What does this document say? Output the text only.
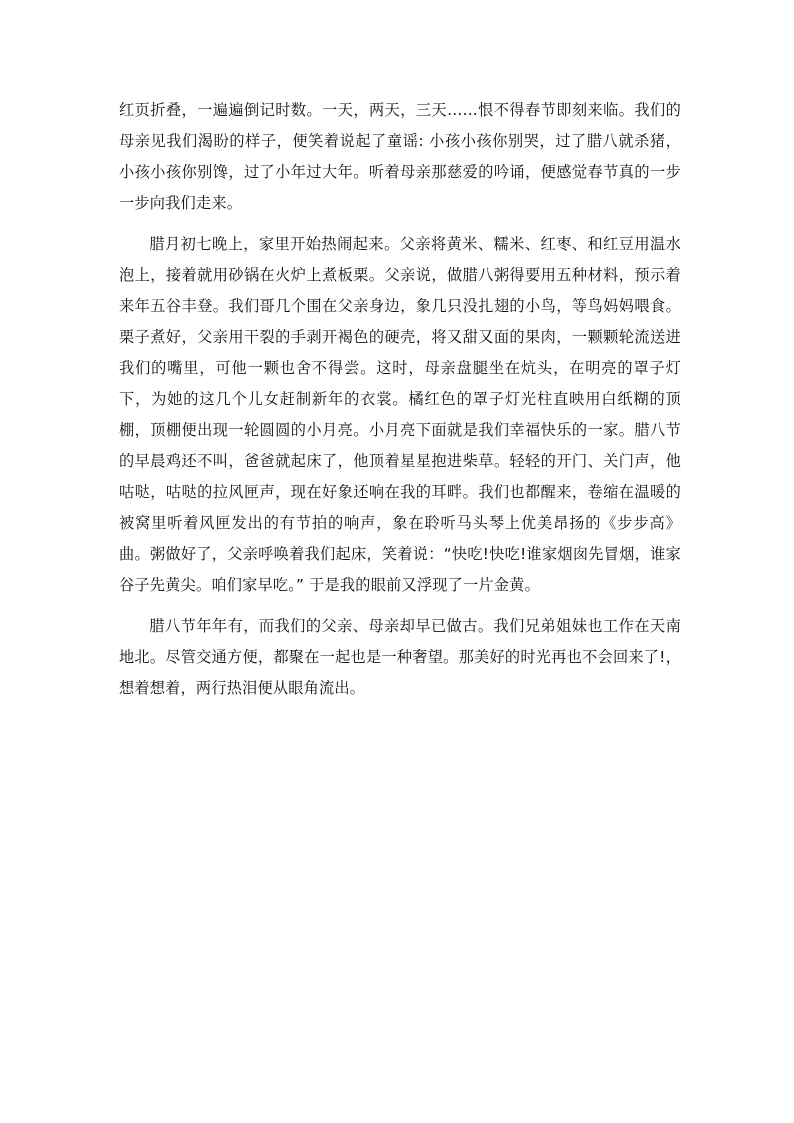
红页折叠，一遍遍倒记时数。一天，两天，三天……恨不得春节即刻来临。我们的母亲见我们渴盼的样子，便笑着说起了童谣: 小孩小孩你别哭，过了腊八就杀猪，小孩小孩你别馋，过了小年过大年。听着母亲那慈爱的吟诵，便感觉春节真的一步一步向我们走来。

腊月初七晚上，家里开始热闹起来。父亲将黄米、糯米、红枣、和红豆用温水泡上，接着就用砂锅在火炉上煮板栗。父亲说，做腊八粥得要用五种材料，预示着来年五谷丰登。我们哥几个围在父亲身边，象几只没扎翅的小鸟，等鸟妈妈喂食。栗子煮好，父亲用干裂的手剥开褐色的硬壳，将又甜又面的果肉，一颗颗轮流送进我们的嘴里，可他一颗也舍不得尝。这时，母亲盘腿坐在炕头，在明亮的罩子灯下，为她的这几个儿女赶制新年的衣裳。橘红色的罩子灯光柱直映用白纸糊的顶棚，顶棚便出现一轮圆圆的小月亮。小月亮下面就是我们幸福快乐的一家。腊八节的早晨鸡还不叫，爸爸就起床了，他顶着星星抱进柴草。轻轻的开门、关门声，他咕哒，咕哒的拉风匣声，现在好象还响在我的耳畔。我们也都醒来，卷缩在温暖的被窝里听着风匣发出的有节拍的响声，象在聆听马头琴上优美昂扬的《步步高》曲。粥做好了，父亲呼唤着我们起床，笑着说：“快吃!快吃!谁家烟囱先冒烟，谁家谷子先黄尖。咱们家早吃。” 于是我的眼前又浮现了一片金黄。

腊八节年年有，而我们的父亲、母亲却早已做古。我们兄弟姐妹也工作在天南地北。尽管交通方便，都聚在一起也是一种奢望。那美好的时光再也不会回来了!，想着想着，两行热泪便从眼角流出。
